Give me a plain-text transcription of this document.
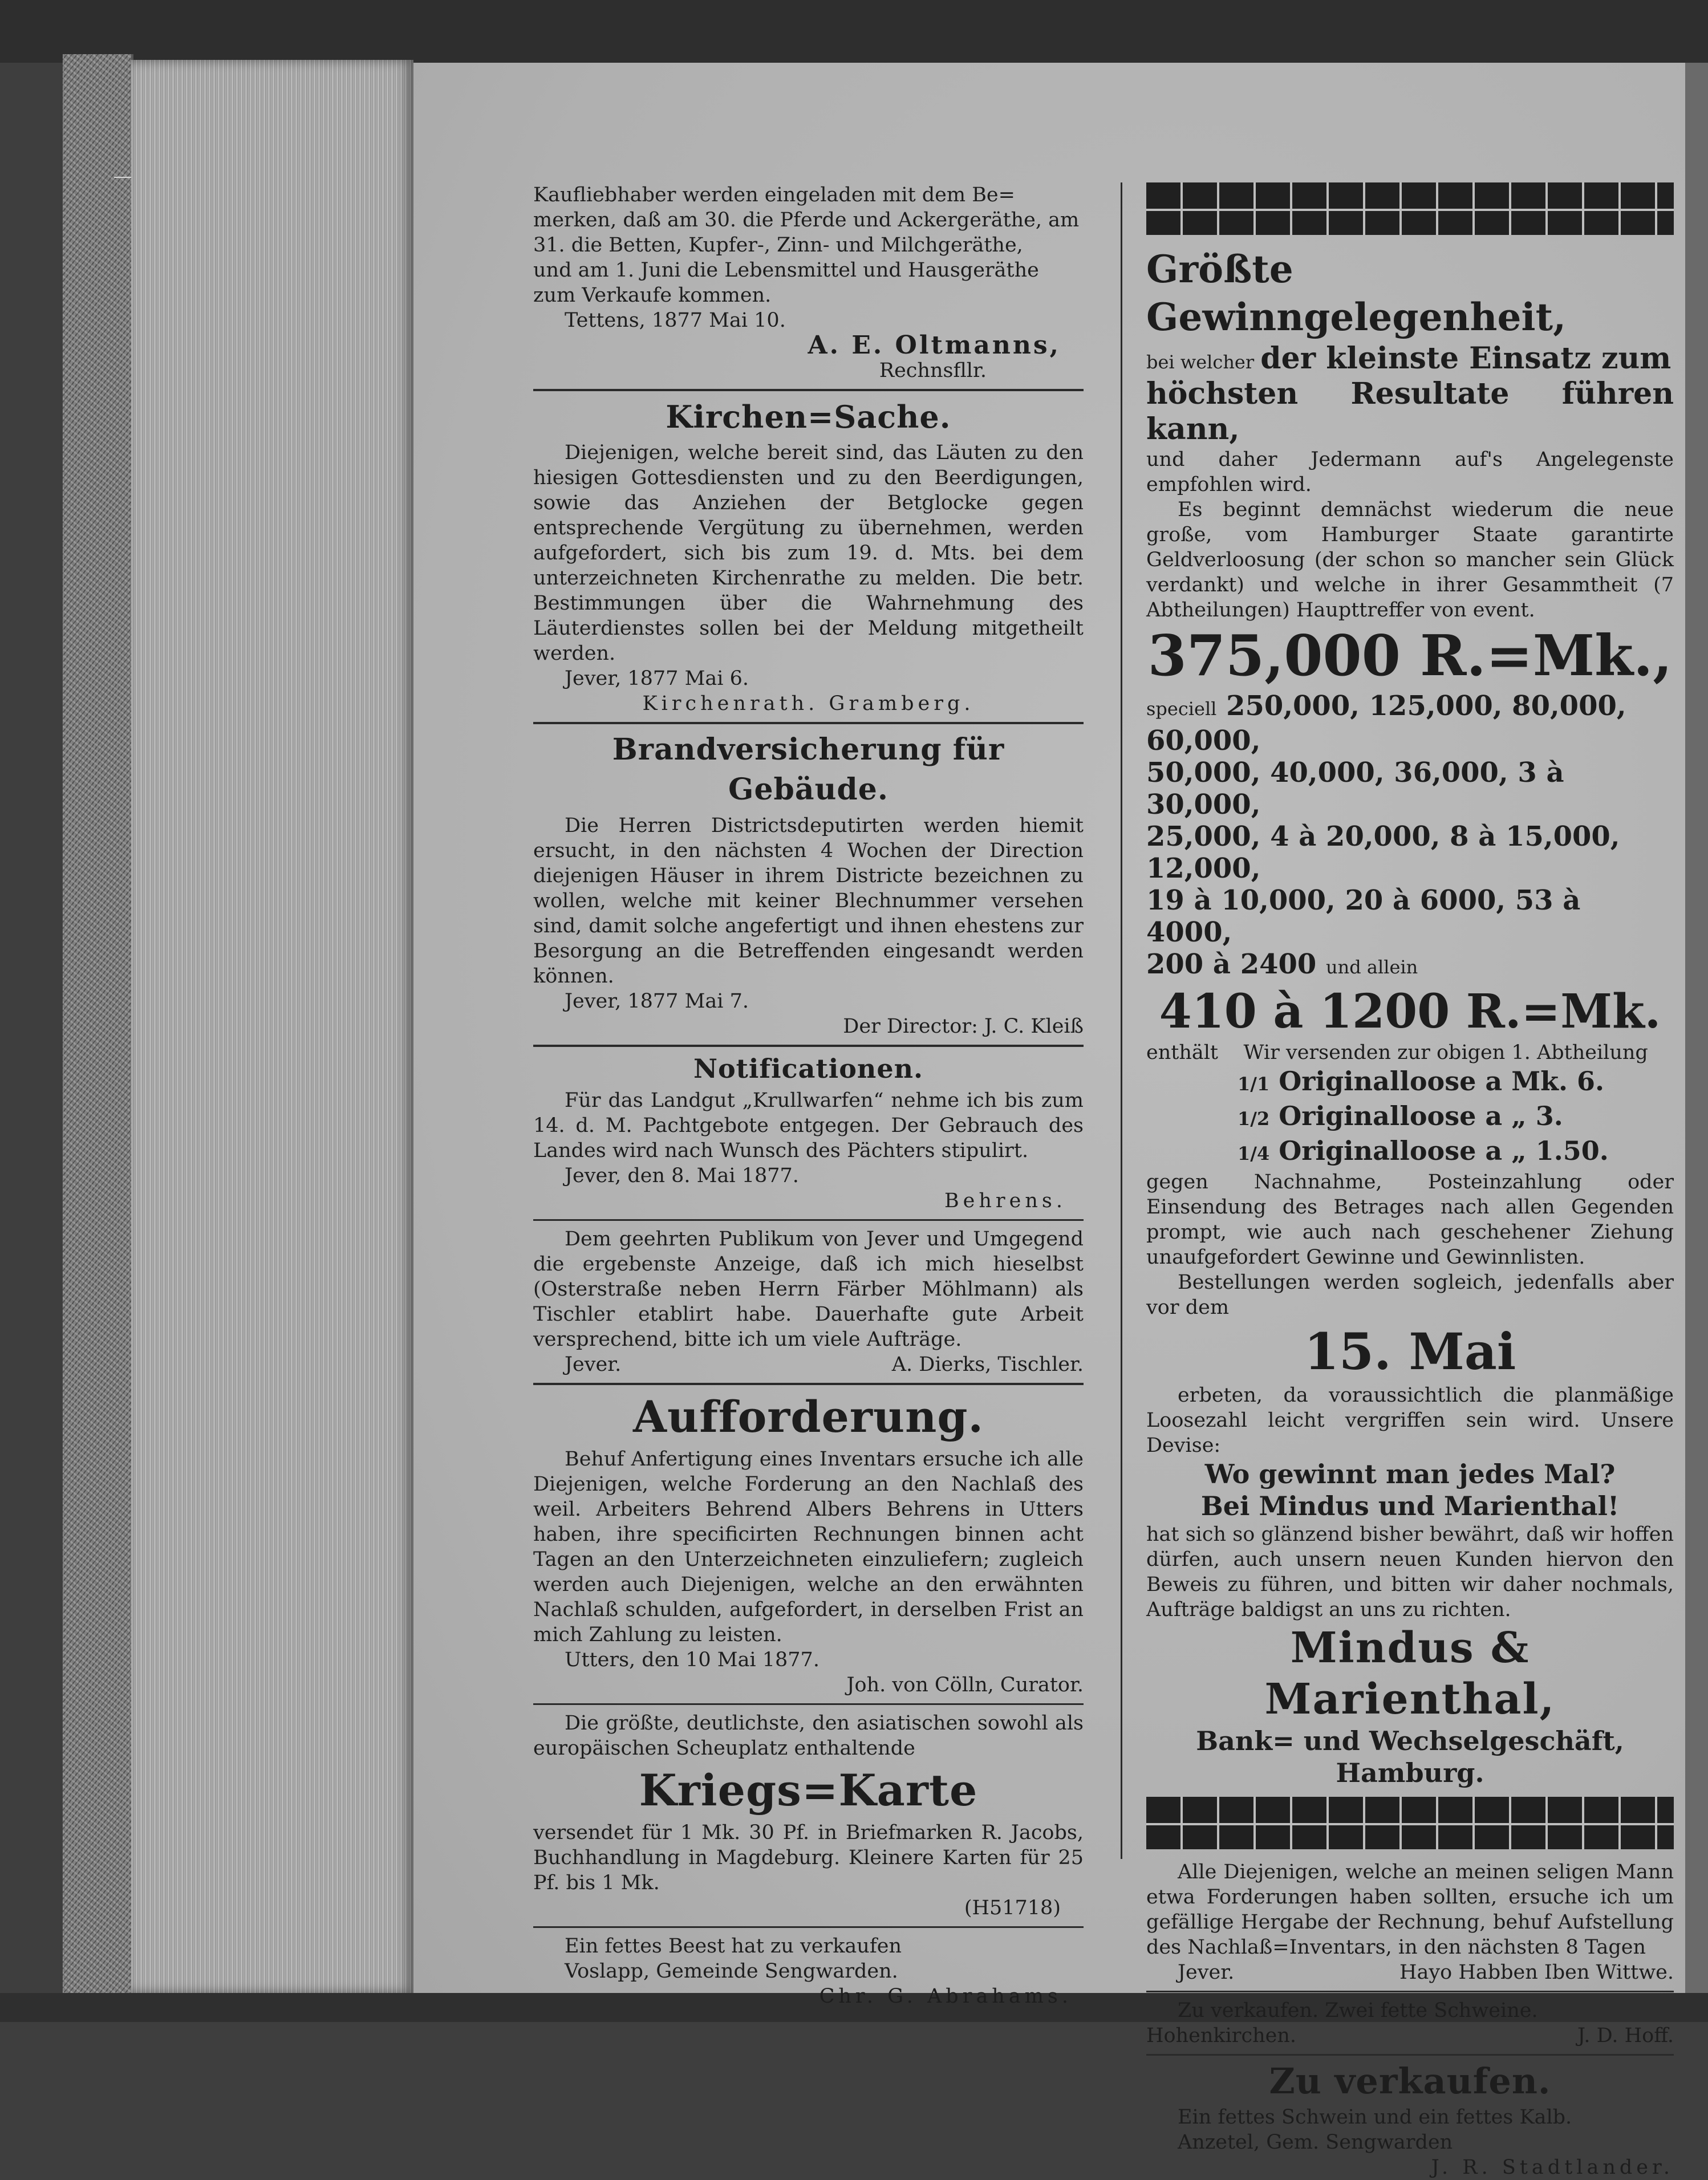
Kaufliebhaber werden eingeladen mit dem Be=

merken, daß am 30. die Pferde und Ackergeräthe, am

31. die Betten, Kupfer-, Zinn- und Milchgeräthe,

und am 1. Juni die Lebensmittel und Hausgeräthe

zum Verkaufe kommen.

Tettens, 1877 Mai 10.

A. E. Oltmanns,

Rechnsfllr.

Kirchen=Sache.

Diejenigen, welche bereit sind, das Läuten zu den hiesigen Gottesdiensten und zu den Beerdigungen, sowie das Anziehen der Betglocke gegen entsprechende Vergütung zu übernehmen, werden aufgefordert, sich bis zum 19. d. Mts. bei dem unterzeichneten Kirchenrathe zu melden. Die betr. Bestimmungen über die Wahrnehmung des Läuterdienstes sollen bei der Meldung mitgetheilt werden.

Jever, 1877 Mai 6.

Kirchenrath. Gramberg.

Brandversicherung für Gebäude.

Die Herren Districtsdeputirten werden hiemit ersucht, in den nächsten 4 Wochen der Direction diejenigen Häuser in ihrem Districte bezeichnen zu wollen, welche mit keiner Blechnummer versehen sind, damit solche angefertigt und ihnen ehestens zur Besorgung an die Betreffenden eingesandt werden können.

Jever, 1877 Mai 7.

Der Director: J. C. Kleiß

Notificationen.

Für das Landgut „Krullwarfen“ nehme ich bis zum 14. d. M. Pachtgebote entgegen. Der Gebrauch des Landes wird nach Wunsch des Pächters stipulirt.

Jever, den 8. Mai 1877.

Behrens.

Dem geehrten Publikum von Jever und Umgegend die ergebenste Anzeige, daß ich mich hieselbst (Osterstraße neben Herrn Färber Möhlmann) als Tischler etablirt habe. Dauerhafte gute Arbeit versprechend, bitte ich um viele Aufträge.

Jever.	A. Dierks, Tischler.

Aufforderung.

Behuf Anfertigung eines Inventars ersuche ich alle Diejenigen, welche Forderung an den Nachlaß des weil. Arbeiters Behrend Albers Behrens in Utters haben, ihre specificirten Rechnungen binnen acht Tagen an den Unterzeichneten einzuliefern; zugleich werden auch Diejenigen, welche an den erwähnten Nachlaß schulden, aufgefordert, in derselben Frist an mich Zahlung zu leisten.

Utters, den 10 Mai 1877.

Joh. von Cölln, Curator.

Die größte, deutlichste, den asiatischen sowohl als europäischen Scheuplatz enthaltende

Kriegs=Karte

versendet für 1 Mk. 30 Pf. in Briefmarken R. Jacobs, Buchhandlung in Magdeburg. Kleinere Karten für 25 Pf. bis 1 Mk.

(H51718)

Ein fettes Beest hat zu verkaufen

Voslapp, Gemeinde Sengwarden.

Chr. G. Abrahams.

Größte Gewinngelegenheit,

bei welcher der kleinste Einsatz zum

höchsten Resultate führen kann,

und daher Jedermann auf's Angelegenste empfohlen wird.

Es beginnt demnächst wiederum die neue große, vom Hamburger Staate garantirte Geldverloosung (der schon so mancher sein Glück verdankt) und welche in ihrer Gesammtheit (7 Abtheilungen) Haupttreffer von event.

375,000 R.=Mk.,
speciell 250,000, 125,000, 80,000, 60,000,
50,000, 40,000, 36,000, 3 à 30,000,
25,000, 4 à 20,000, 8 à 15,000, 12,000,
19 à 10,000, 20 à 6000, 53 à 4000,
200 à 2400 und allein
410 à 1200 R.=Mk.

enthält Wir versenden zur obigen 1. Abtheilung

1/1 Originalloose a Mk. 6.
1/2 Originalloose a „ 3.
1/4 Originalloose a „ 1.50.

gegen Nachnahme, Posteinzahlung oder Einsendung des Betrages nach allen Gegenden prompt, wie auch nach geschehener Ziehung unaufgefordert Gewinne und Gewinnlisten.

Bestellungen werden sogleich, jedenfalls aber vor dem

15. Mai

erbeten, da voraussichtlich die planmäßige Loosezahl leicht vergriffen sein wird. Unsere Devise:

Wo gewinnt man jedes Mal?
Bei Mindus und Marienthal!

hat sich so glänzend bisher bewährt, daß wir hoffen dürfen, auch unsern neuen Kunden hiervon den Beweis zu führen, und bitten wir daher nochmals, Aufträge baldigst an uns zu richten.

Mindus & Marienthal,
Bank= und Wechselgeschäft,
Hamburg.

Alle Diejenigen, welche an meinen seligen Mann etwa Forderungen haben sollten, ersuche ich um gefällige Hergabe der Rechnung, behuf Aufstellung des Nachlaß=Inventars, in den nächsten 8 Tagen

Jever.	Hayo Habben Iben Wittwe.

Zu verkaufen. Zwei fette Schweine.

Hohenkirchen.	J. D. Hoff.

Zu verkaufen.

Ein fettes Schwein und ein fettes Kalb.

Anzetel, Gem. Sengwarden

J. R. Stadtlander.
